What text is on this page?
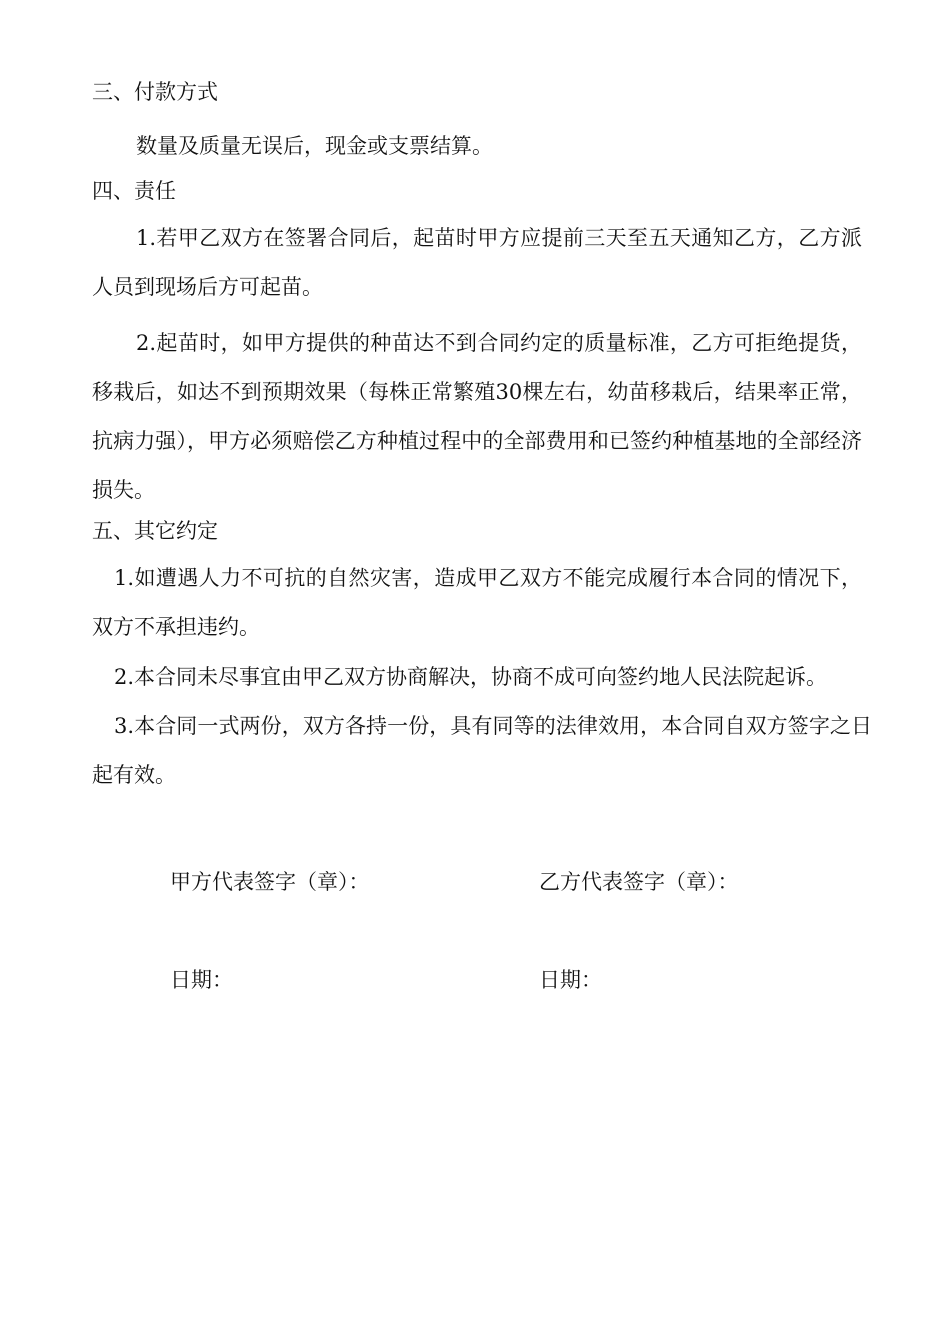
三、付款方式

数量及质量无误后，现金或支票结算。

四、责任

1.若甲乙双方在签署合同后，起苗时甲方应提前三天至五天通知乙方，乙方派人员到现场后方可起苗。

2.起苗时，如甲方提供的种苗达不到合同约定的质量标准，乙方可拒绝提货，移栽后，如达不到预期效果（每株正常繁殖30棵左右，幼苗移栽后，结果率正常，抗病力强），甲方必须赔偿乙方种植过程中的全部费用和已签约种植基地的全部经济损失。

五、其它约定

1.如遭遇人力不可抗的自然灾害，造成甲乙双方不能完成履行本合同的情况下，双方不承担违约。

2.本合同未尽事宜由甲乙双方协商解决，协商不成可向签约地人民法院起诉。

3.本合同一式两份，双方各持一份，具有同等的法律效用，本合同自双方签字之日起有效。

甲方代表签字（章）：	乙方代表签字（章）：
日期：	日期：
